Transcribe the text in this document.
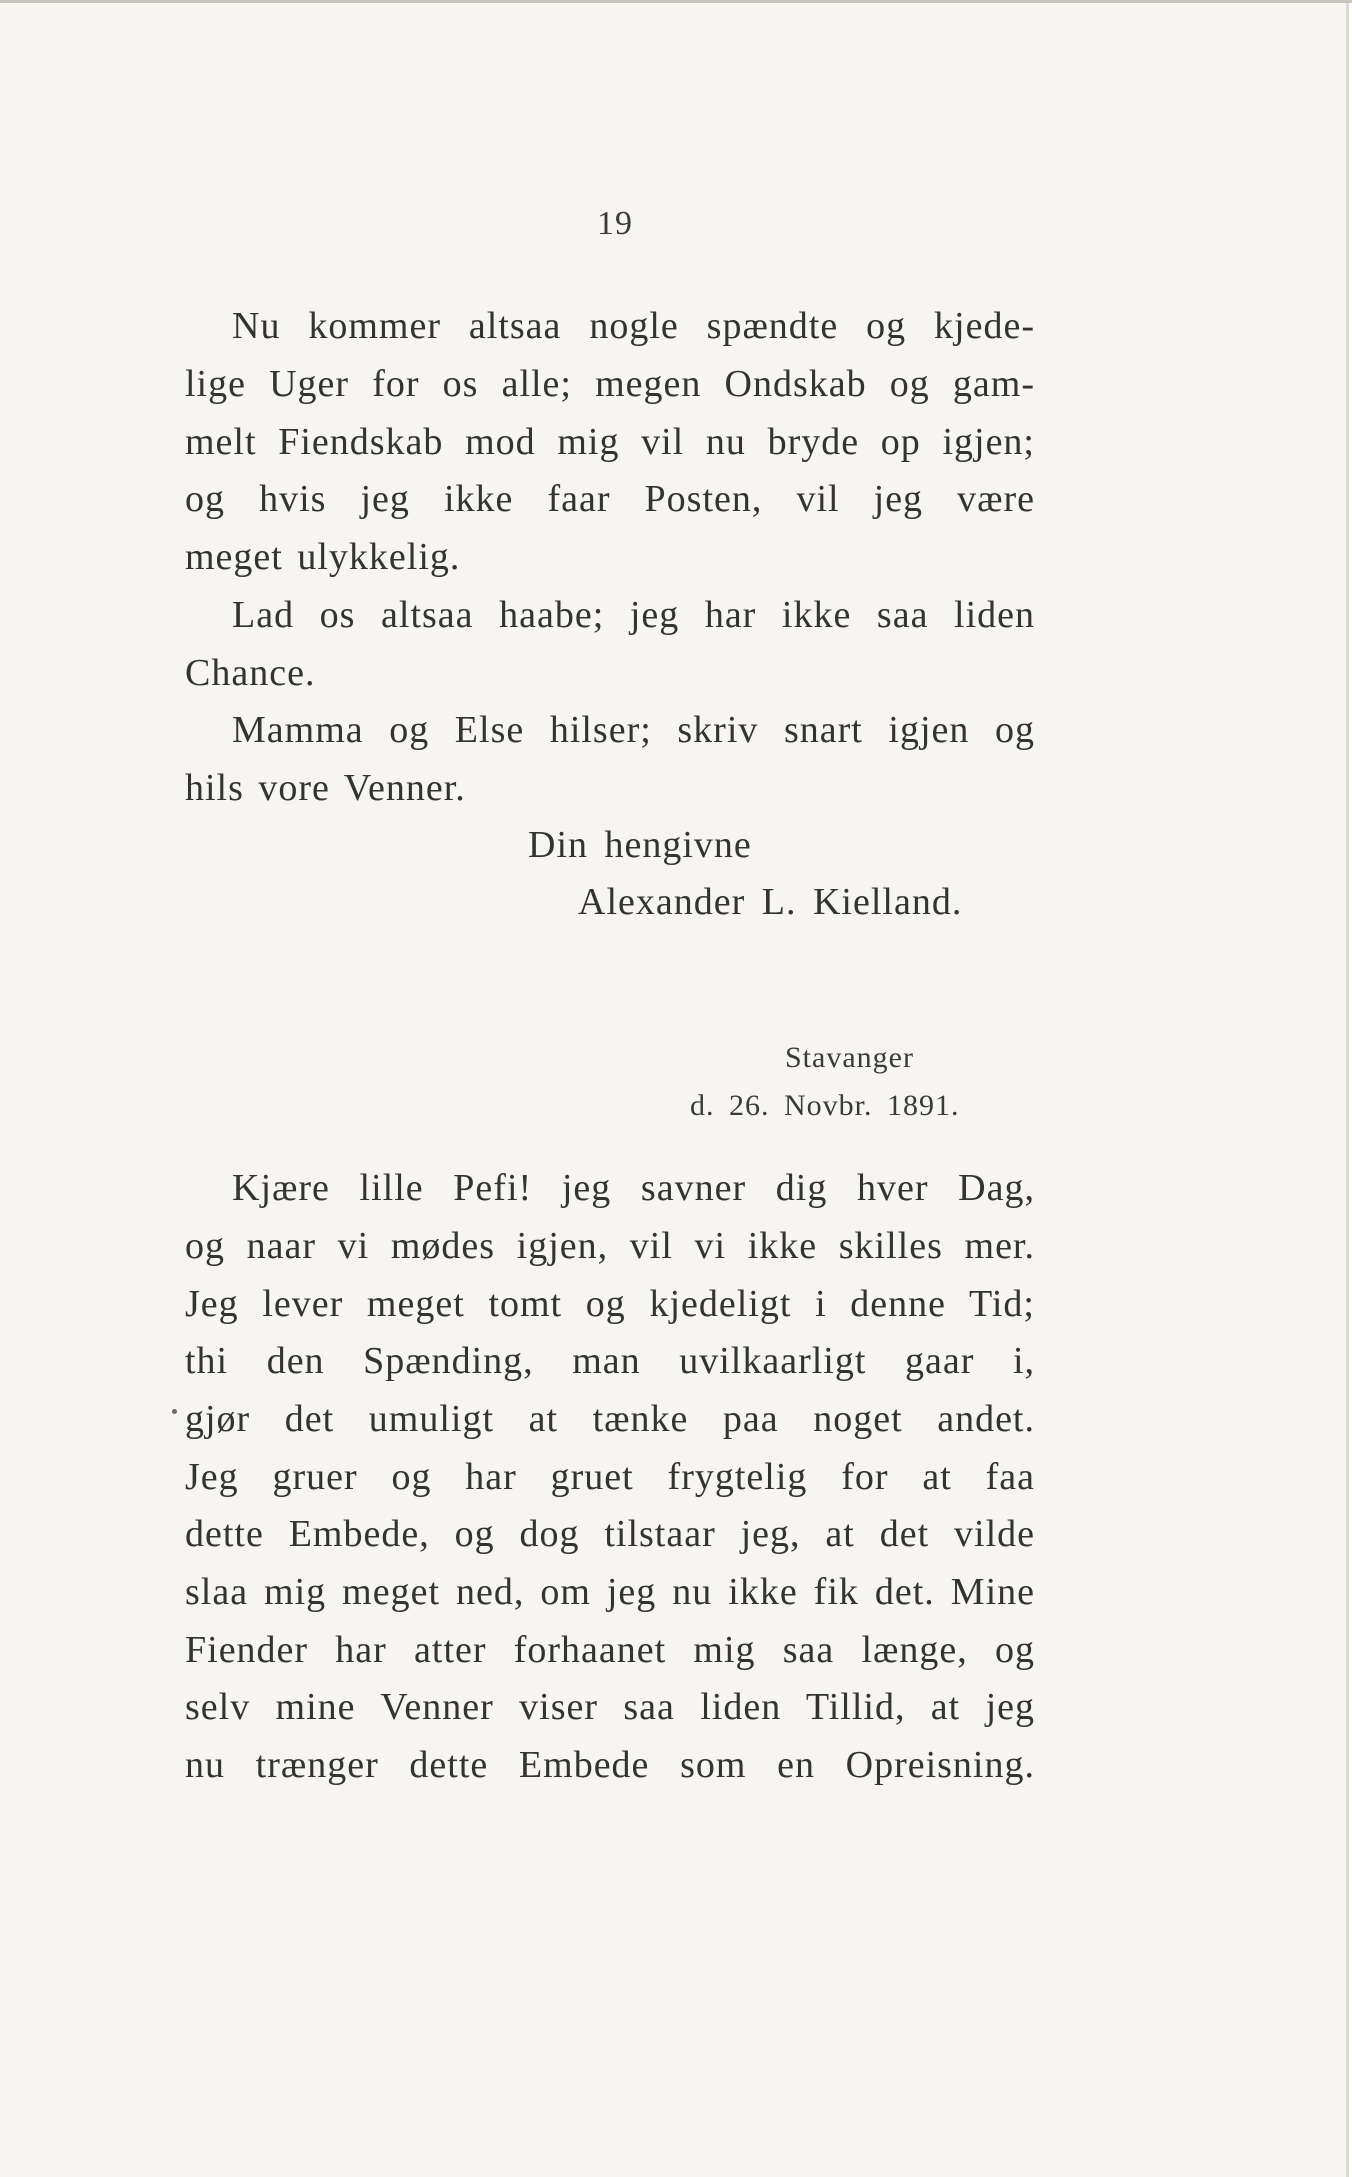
19
Nu kommer altsaa nogle spændte og kjede-
lige Uger for os alle; megen Ondskab og gam-
melt Fiendskab mod mig vil nu bryde op igjen;
og hvis jeg ikke faar Posten, vil jeg være
meget ulykkelig.
Lad os altsaa haabe; jeg har ikke saa liden
Chance.
Mamma og Else hilser; skriv snart igjen og
hils vore Venner.
Din hengivne
Alexander L. Kielland.
Stavanger
d. 26. Novbr. 1891.
Kjære lille Pefi! jeg savner dig hver Dag,
og naar vi mødes igjen, vil vi ikke skilles mer.
Jeg lever meget tomt og kjedeligt i denne Tid;
thi den Spænding, man uvilkaarligt gaar i,
gjør det umuligt at tænke paa noget andet.
Jeg gruer og har gruet frygtelig for at faa
dette Embede, og dog tilstaar jeg, at det vilde
slaa mig meget ned, om jeg nu ikke fik det. Mine
Fiender har atter forhaanet mig saa længe, og
selv mine Venner viser saa liden Tillid, at jeg
nu trænger dette Embede som en Opreisning.
